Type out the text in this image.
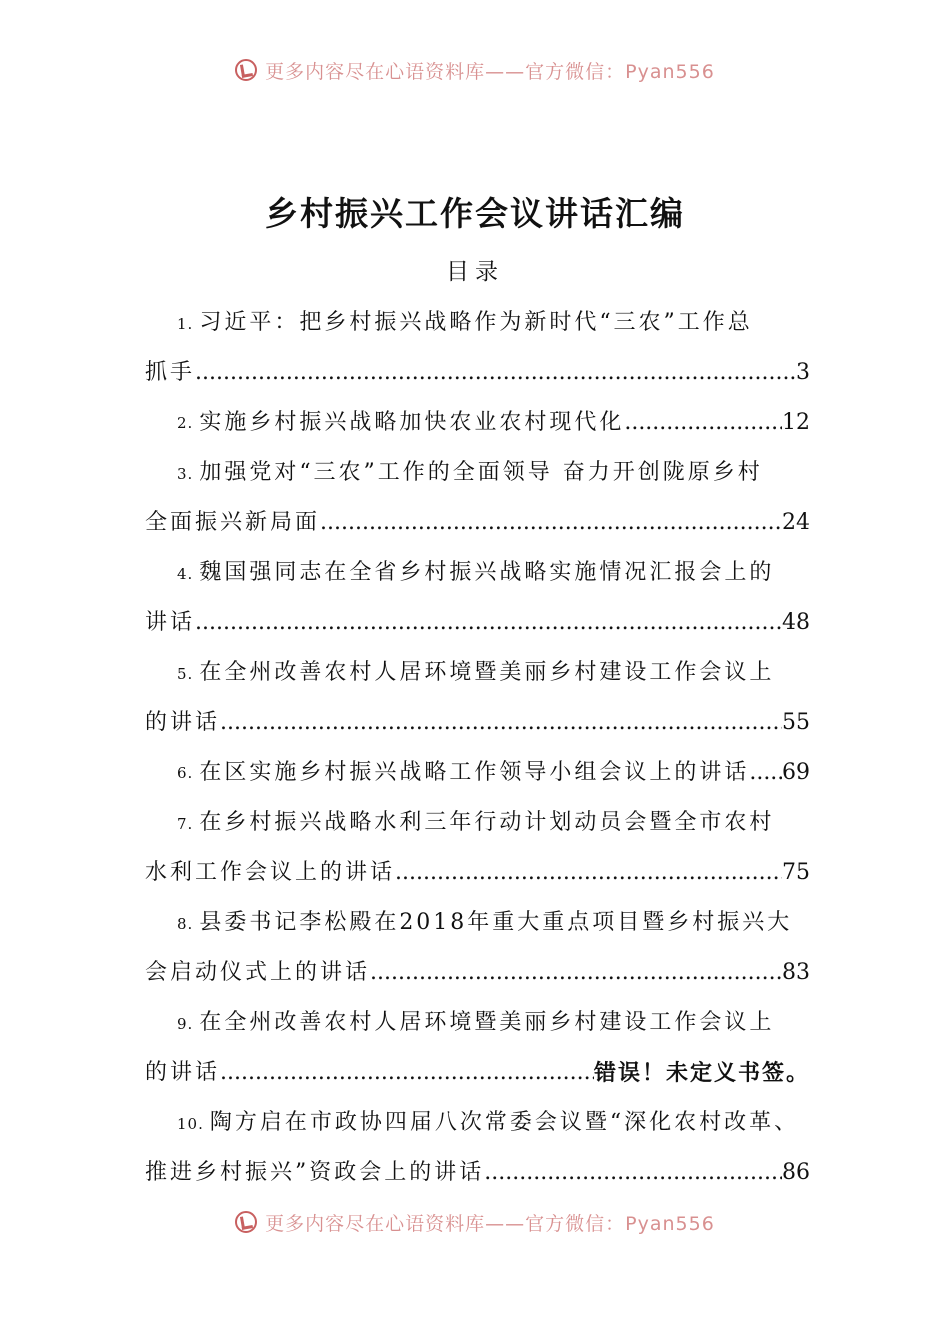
更多内容尽在心语资料库——官方微信：Pyan556
乡村振兴工作会议讲话汇编
目录
1. 习近平：把乡村振兴战略作为新时代“三农”工作总
抓手 .....	3
2. 实施乡村振兴战略加快农业农村现代化 .....	12
3. 加强党对“三农”工作的全面领导 奋力开创陇原乡村
全面振兴新局面 .....	24
4. 魏国强同志在全省乡村振兴战略实施情况汇报会上的
讲话 .....	48
5. 在全州改善农村人居环境暨美丽乡村建设工作会议上
的讲话 .....	55
6. 在区实施乡村振兴战略工作领导小组会议上的讲话 ..... 69
7. 在乡村振兴战略水利三年行动计划动员会暨全市农村
水利工作会议上的讲话 .....	75
8. 县委书记李松殿在2018年重大重点项目暨乡村振兴大
会启动仪式上的讲话 .....	83
9. 在全州改善农村人居环境暨美丽乡村建设工作会议上
的讲话 .....	错误！未定义书签。
10. 陶方启在市政协四届八次常委会议暨“深化农村改革、
推进乡村振兴”资政会上的讲话 .....	86
更多内容尽在心语资料库——官方微信：Pyan556
